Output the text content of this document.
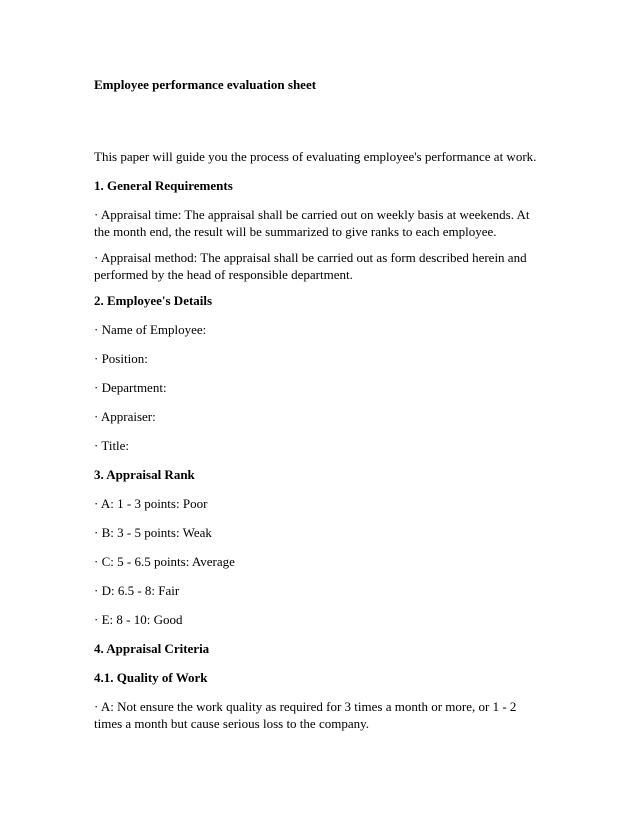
Employee performance evaluation sheet
This paper will guide you the process of evaluating employee's performance at work.
1. General Requirements
· Appraisal time: The appraisal shall be carried out on weekly basis at weekends. At the month end, the result will be summarized to give ranks to each employee.
· Appraisal method: The appraisal shall be carried out as form described herein and performed by the head of responsible department.
2. Employee's Details
· Name of Employee:
· Position:
· Department:
· Appraiser:
· Title:
3. Appraisal Rank
· A: 1 - 3 points: Poor
· B: 3 - 5 points: Weak
· C: 5 - 6.5 points: Average
· D: 6.5 - 8: Fair
· E: 8 - 10: Good
4. Appraisal Criteria
4.1. Quality of Work
· A: Not ensure the work quality as required for 3 times a month or more, or 1 - 2 times a month but cause serious loss to the company.
